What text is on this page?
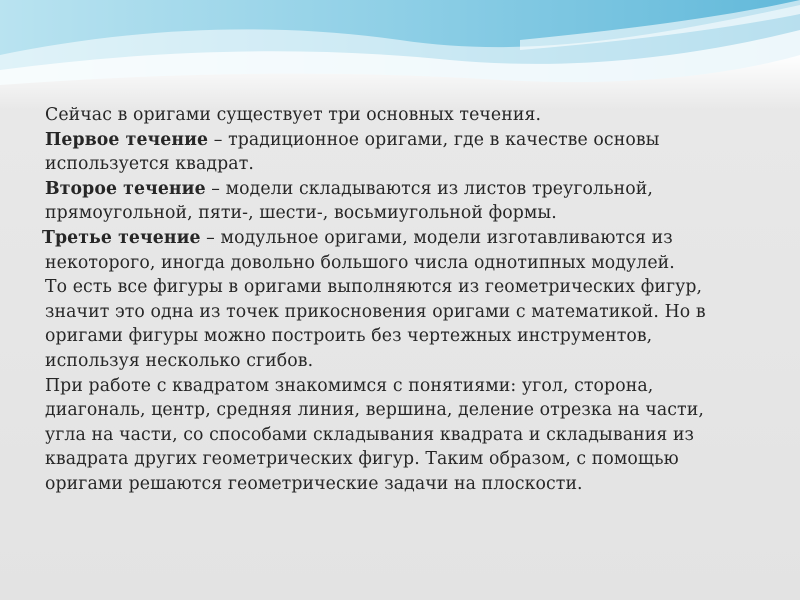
Сейчас в оригами существует три основных течения.
Первое течение – традиционное оригами, где в качестве основы
используется квадрат.
Второе течение – модели складываются из листов треугольной,
прямоугольной, пяти-, шести-, восьмиугольной формы.
Третье течение – модульное оригами, модели изготавливаются из
некоторого, иногда довольно большого числа однотипных модулей.
То есть все фигуры в оригами выполняются из геометрических фигур,
значит это одна из точек прикосновения оригами с математикой. Но в
оригами фигуры можно построить без чертежных инструментов,
используя несколько сгибов.
При работе с квадратом знакомимся с понятиями: угол, сторона,
диагональ, центр, средняя линия, вершина, деление отрезка на части,
угла на части, со способами складывания квадрата и складывания из
квадрата других геометрических фигур. Таким образом, с помощью
оригами решаются геометрические задачи на плоскости.
